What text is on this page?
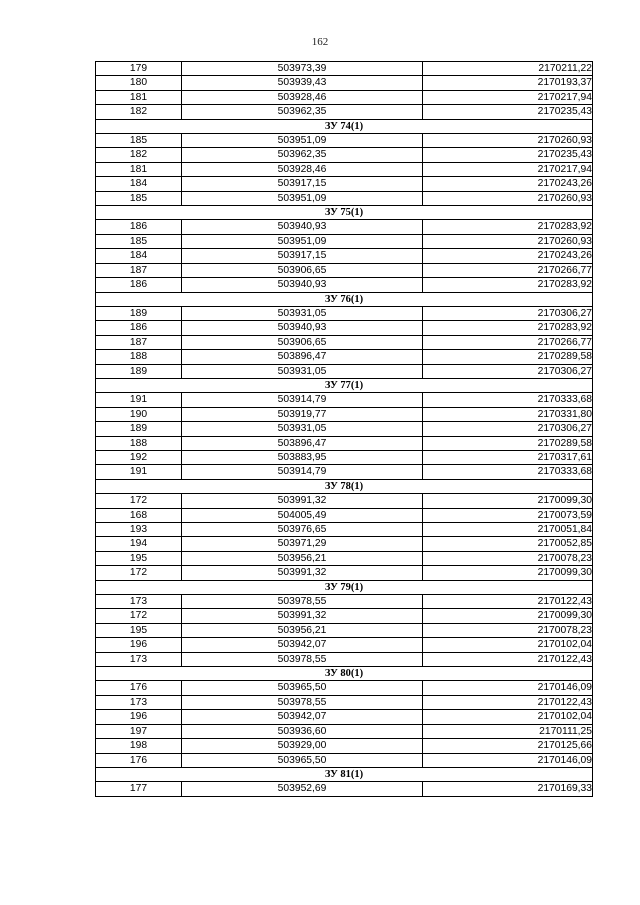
162
179	503973,39	2170211,22
180	503939,43	2170193,37
181	503928,46	2170217,94
182	503962,35	2170235,43
ЗУ 74(1)		
185	503951,09	2170260,93
182	503962,35	2170235,43
181	503928,46	2170217,94
184	503917,15	2170243,26
185	503951,09	2170260,93
ЗУ 75(1)		
186	503940,93	2170283,92
185	503951,09	2170260,93
184	503917,15	2170243,26
187	503906,65	2170266,77
186	503940,93	2170283,92
ЗУ 76(1)		
189	503931,05	2170306,27
186	503940,93	2170283,92
187	503906,65	2170266,77
188	503896,47	2170289,58
189	503931,05	2170306,27
ЗУ 77(1)		
191	503914,79	2170333,68
190	503919,77	2170331,80
189	503931,05	2170306,27
188	503896,47	2170289,58
192	503883,95	2170317,61
191	503914,79	2170333,68
ЗУ 78(1)		
172	503991,32	2170099,30
168	504005,49	2170073,59
193	503976,65	2170051,84
194	503971,29	2170052,85
195	503956,21	2170078,23
172	503991,32	2170099,30
ЗУ 79(1)		
173	503978,55	2170122,43
172	503991,32	2170099,30
195	503956,21	2170078,23
196	503942,07	2170102,04
173	503978,55	2170122,43
ЗУ 80(1)		
176	503965,50	2170146,09
173	503978,55	2170122,43
196	503942,07	2170102,04
197	503936,60	2170111,25
198	503929,00	2170125,66
176	503965,50	2170146,09
ЗУ 81(1)		
177	503952,69	2170169,33
